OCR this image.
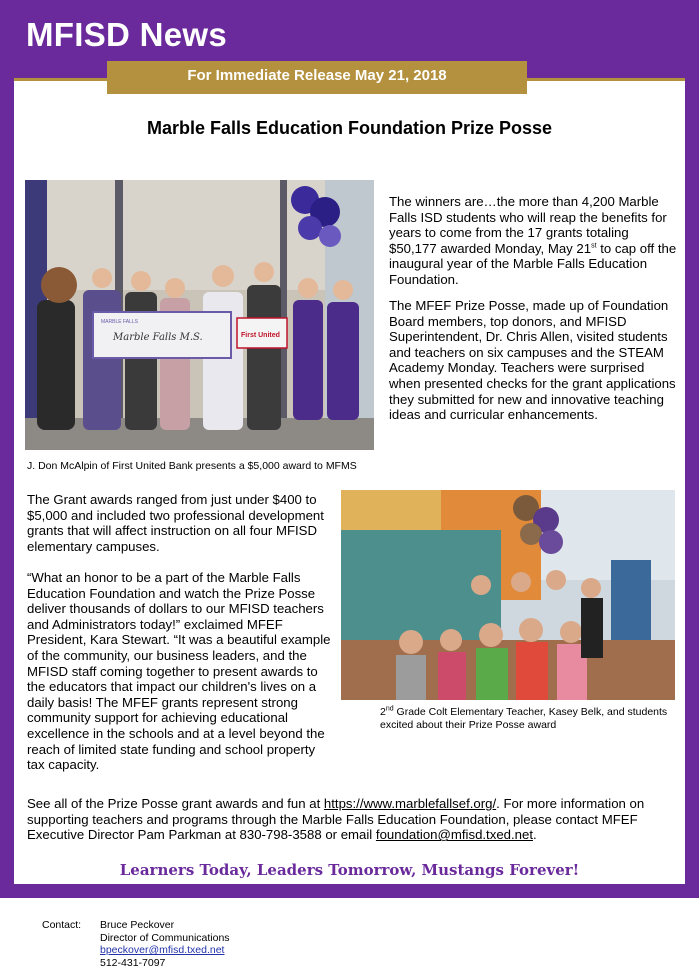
MFISD News
For Immediate Release May 21, 2018
Marble Falls Education Foundation Prize Posse
MARBLE FALLS
Marble Falls M.S.	First United
J. Don McAlpin of First United Bank presents a $5,000 award to MFMS
The winners are…the more than 4,200 Marble Falls ISD students who will reap the benefits for years to come from the 17 grants totaling $50,177 awarded Monday, May 21st to cap off the inaugural year of the Marble Falls Education Foundation.
The MFEF Prize Posse, made up of Foundation Board members, top donors, and MFISD Superintendent, Dr. Chris Allen, visited students and teachers on six campuses and the STEAM Academy Monday. Teachers were surprised when presented checks for the grant applications they submitted for new and innovative teaching ideas and curricular enhancements.
The Grant awards ranged from just under $400 to $5,000 and included two professional development grants that will affect instruction on all four MFISD elementary campuses.
“What an honor to be a part of the Marble Falls Education Foundation and watch the Prize Posse deliver thousands of dollars to our MFISD teachers and Administrators today!” exclaimed MFEF President, Kara Stewart. “It was a beautiful example of the community, our business leaders, and the MFISD staff coming together to present awards to the educators that impact our children's lives on a daily basis! The MFEF grants represent strong community support for achieving educational excellence in the schools and at a level beyond the reach of limited state funding and school property tax capacity.
2nd Grade Colt Elementary Teacher, Kasey Belk, and students excited about their Prize Posse award
See all of the Prize Posse grant awards and fun at https://www.marblefallsef.org/. For more information on supporting teachers and programs through the Marble Falls Education Foundation, please contact MFEF Executive Director Pam Parkman at 830-798-3588 or email foundation@mfisd.txed.net.
Learners Today, Leaders Tomorrow, Mustangs Forever!
Contact: Bruce Peckover
Director of Communications
bpeckover@mfisd.txed.net
512-431-7097
